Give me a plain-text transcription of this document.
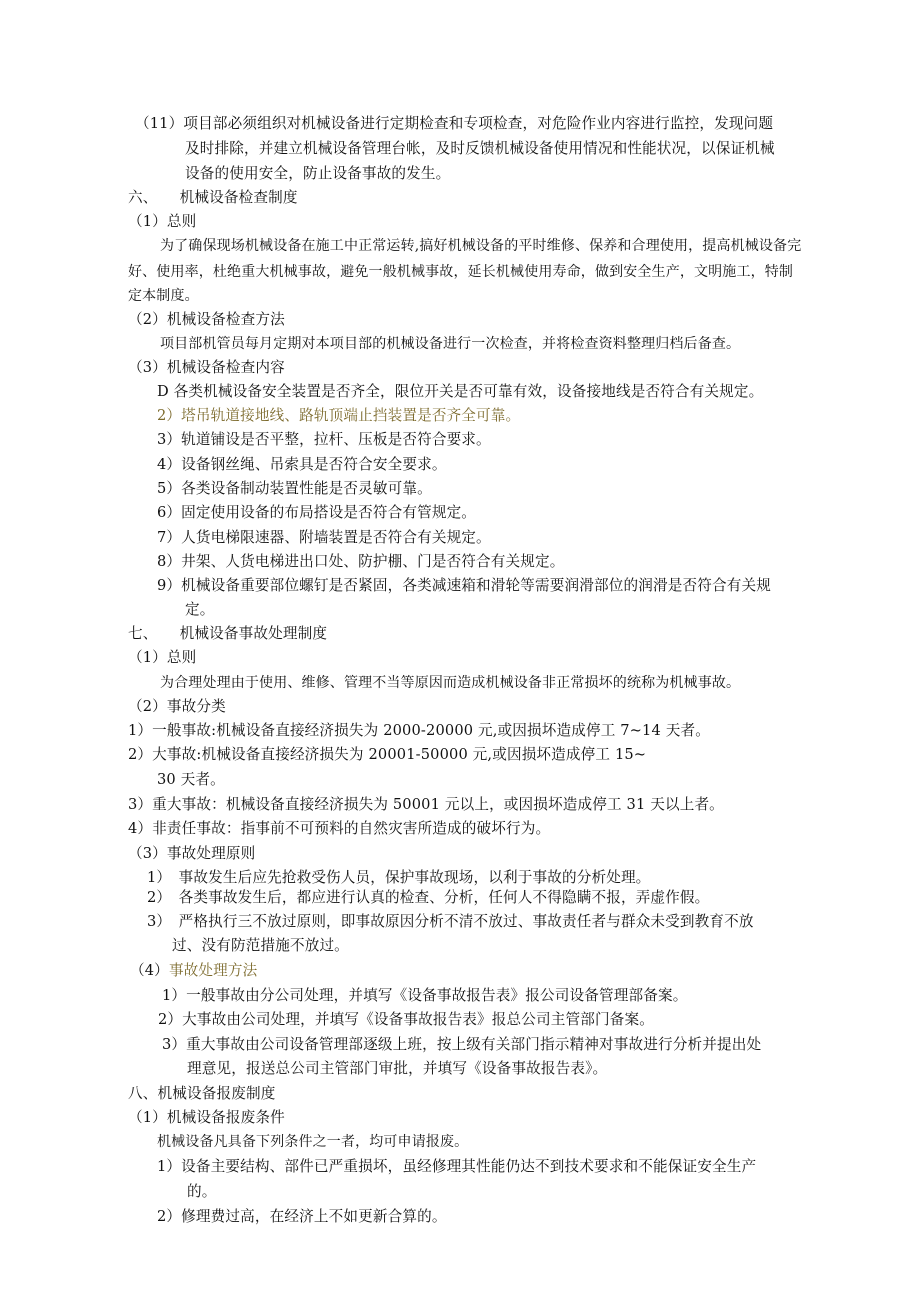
（11）项目部必须组织对机械设备进行定期检查和专项检查，对危险作业内容进行监控，发现问题
及时排除，并建立机械设备管理台帐，及时反馈机械设备使用情况和性能状况，以保证机械
设备的使用安全，防止设备事故的发生。
六、　　机械设备检查制度
（1）总则
为了确保现场机械设备在施工中正常运转,搞好机械设备的平时维修、保养和合理使用，提高机械设备完
好、使用率，杜绝重大机械事故，避免一般机械事故，延长机械使用寿命，做到安全生产，文明施工，特制
定本制度。
（2）机械设备检查方法
项目部机管员每月定期对本项目部的机械设备进行一次检查，并将检查资料整理归档后备查。
（3）机械设备检查内容
D 各类机械设备安全装置是否齐全，限位开关是否可靠有效，设备接地线是否符合有关规定。
2）塔吊轨道接地线、路轨顶端止挡装置是否齐全可靠。
3）轨道铺设是否平整，拉杆、压板是否符合要求。
4）设备钢丝绳、吊索具是否符合安全要求。
5）各类设备制动装置性能是否灵敏可靠。
6）固定使用设备的布局搭设是否符合有管规定。
7）人货电梯限速器、附墙装置是否符合有关规定。
8）井架、人货电梯进出口处、防护棚、门是否符合有关规定。
9）机械设备重要部位螺钉是否紧固，各类减速箱和滑轮等需要润滑部位的润滑是否符合有关规
定。
七、　　机械设备事故处理制度
（1）总则
为合理处理由于使用、维修、管理不当等原因而造成机械设备非正常损坏的统称为机械事故。
（2）事故分类
1）一般事故:机械设备直接经济损失为 2000-20000 元,或因损坏造成停工 7~14 天者。
2）大事故:机械设备直接经济损失为 20001-50000 元,或因损坏造成停工 15~
30 天者。
3）重大事故：机械设备直接经济损失为 50001 元以上，或因损坏造成停工 31 天以上者。
4）非责任事故：指事前不可预料的自然灾害所造成的破坏行为。
（3）事故处理原则
1）　事故发生后应先抢救受伤人员，保护事故现场，以利于事故的分析处理。
2）　各类事故发生后，都应进行认真的检查、分析，任何人不得隐瞒不报，弄虚作假。
3）　严格执行三不放过原则，即事故原因分析不清不放过、事故责任者与群众未受到教育不放
过、没有防范措施不放过。
（4）事故处理方法
1）一般事故由分公司处理，并填写《设备事故报告表》报公司设备管理部备案。
2）大事故由公司处理，并填写《设备事故报告表》报总公司主管部门备案。
3）重大事故由公司设备管理部逐级上班，按上级有关部门指示精神对事故进行分析并提出处
理意见，报送总公司主管部门审批，并填写《设备事故报告表》。
八、机械设备报废制度
（1）机械设备报废条件
机械设备凡具备下列条件之一者，均可申请报废。
1）设备主要结构、部件已严重损坏，虽经修理其性能仍达不到技术要求和不能保证安全生产
的。
2）修理费过高，在经济上不如更新合算的。
